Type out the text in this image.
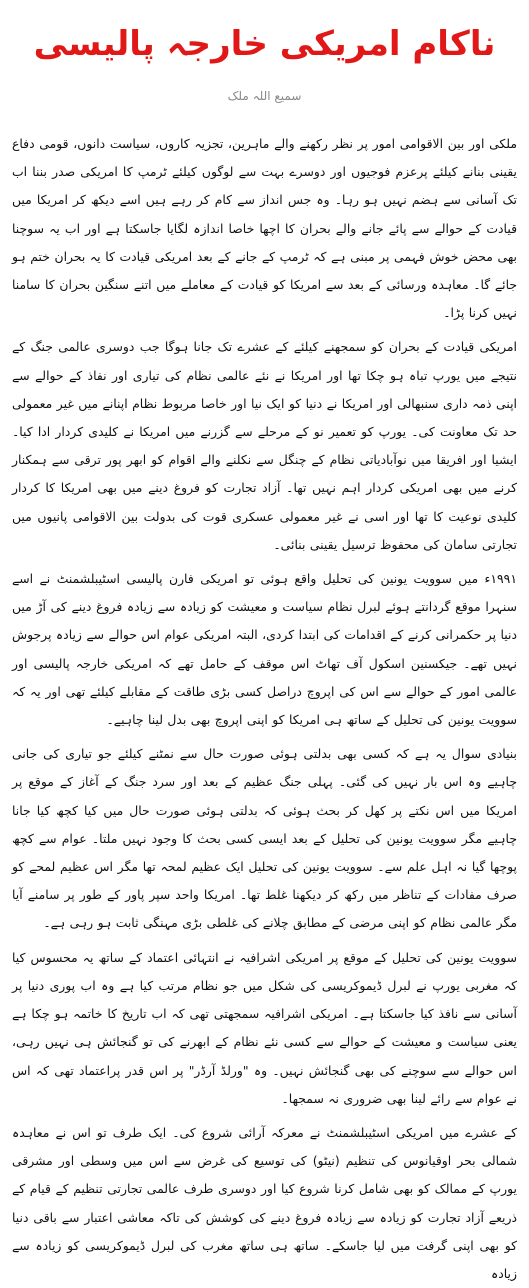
ناکام امریکی خارجہ پالیسی
سمیع اللہ ملک

ملکی اور بین الاقوامی امور پر نظر رکھنے والے ماہرین، تجزیہ کاروں، سیاست دانوں، قومی دفاع یقینی بنانے کیلئے پرعزم فوجیوں اور دوسرے بہت سے لوگوں کیلئے ٹرمپ کا امریکی صدر بننا اب تک آسانی سے ہضم نہیں ہو رہا۔ وہ جس انداز سے کام کر رہے ہیں اسے دیکھ کر امریکا میں قیادت کے حوالے سے پائے جانے والے بحران کا اچھا خاصا اندازہ لگایا جاسکتا ہے اور اب یہ سوچنا بھی محض خوش فہمی پر مبنی ہے کہ ٹرمپ کے جانے کے بعد امریکی قیادت کا یہ بحران ختم ہو جائے گا۔ معاہدہ ورسائی کے بعد سے امریکا کو قیادت کے معاملے میں اتنے سنگین بحران کا سامنا نہیں کرنا پڑا۔

امریکی قیادت کے بحران کو سمجھنے کیلئے کے عشرے تک جانا ہوگا جب دوسری عالمی جنگ کے نتیجے میں یورپ تباہ ہو چکا تھا اور امریکا نے نئے عالمی نظام کی تیاری اور نفاذ کے حوالے سے اپنی ذمہ داری سنبھالی اور امریکا نے دنیا کو ایک نیا اور خاصا مربوط نظام اپنانے میں غیر معمولی حد تک معاونت کی۔ یورپ کو تعمیر نو کے مرحلے سے گزرنے میں امریکا نے کلیدی کردار ادا کیا۔ ایشیا اور افریقا میں نوآبادیاتی نظام کے چنگل سے نکلنے والے اقوام کو ابھر پور ترقی سے ہمکنار کرنے میں بھی امریکی کردار اہم نہیں تھا۔ آزاد تجارت کو فروغ دینے میں بھی امریکا کا کردار کلیدی نوعیت کا تھا اور اسی نے غیر معمولی عسکری قوت کی بدولت بین الاقوامی پانیوں میں تجارتی سامان کی محفوظ ترسیل یقینی بنائی۔

١٩٩١ء میں سوویت یونین کی تحلیل واقع ہوئی تو امریکی فارن پالیسی اسٹیبلشمنٹ نے اسے سنہرا موقع گردانتے ہوئے لبرل نظام سیاست و معیشت کو زیادہ سے زیادہ فروغ دینے کی آڑ میں دنیا پر حکمرانی کرنے کے اقدامات کی ابتدا کردی، البتہ امریکی عوام اس حوالے سے زیادہ پرجوش نہیں تھے۔ جیکسنین اسکول آف تھاٹ اس موقف کے حامل تھے کہ امریکی خارجہ پالیسی اور عالمی امور کے حوالے سے اس کی اپروچ دراصل کسی بڑی طاقت کے مقابلے کیلئے تھی اور یہ کہ سوویت یونین کی تحلیل کے ساتھ ہی امریکا کو اپنی اپروچ بھی بدل لینا چاہیے۔

بنیادی سوال یہ ہے کہ کسی بھی بدلتی ہوئی صورت حال سے نمٹنے کیلئے جو تیاری کی جانی چاہیے وہ اس بار نہیں کی گئی۔ پہلی جنگ عظیم کے بعد اور سرد جنگ کے آغاز کے موقع پر امریکا میں اس نکتے پر کھل کر بحث ہوئی کہ بدلتی ہوئی صورت حال میں کیا کچھ کیا جانا چاہیے مگر سوویت یونین کی تحلیل کے بعد ایسی کسی بحث کا وجود نہیں ملتا۔ عوام سے کچھ پوچھا گیا نہ اہل علم سے۔ سوویت یونین کی تحلیل ایک عظیم لمحہ تھا مگر اس عظیم لمحے کو صرف مفادات کے تناظر میں رکھ کر دیکھنا غلط تھا۔ امریکا واحد سپر پاور کے طور پر سامنے آیا مگر عالمی نظام کو اپنی مرضی کے مطابق چلانے کی غلطی بڑی مہنگی ثابت ہو رہی ہے۔

سوویت یونین کی تحلیل کے موقع پر امریکی اشرافیہ نے انتہائی اعتماد کے ساتھ یہ محسوس کیا کہ مغربی یورپ نے لبرل ڈیموکریسی کی شکل میں جو نظام مرتب کیا ہے وہ اب پوری دنیا پر آسانی سے نافذ کیا جاسکتا ہے۔ امریکی اشرافیہ سمجھتی تھی کہ اب تاریخ کا خاتمہ ہو چکا ہے یعنی سیاست و معیشت کے حوالے سے کسی نئے نظام کے ابھرنے کی تو گنجائش ہی نہیں رہی، اس حوالے سے سوچنے کی بھی گنجائش نہیں۔ وہ "ورلڈ آرڈر" پر اس قدر پراعتماد تھی کہ اس نے عوام سے رائے لینا بھی ضروری نہ سمجھا۔

کے عشرے میں امریکی اسٹیبلشمنٹ نے معرکہ آرائی شروع کی۔ ایک طرف تو اس نے معاہدہ شمالی بحر اوقیانوس کی تنظیم (نیٹو) کی توسیع کی غرض سے اس میں وسطی اور مشرقی یورپ کے ممالک کو بھی شامل کرنا شروع کیا اور دوسری طرف عالمی تجارتی تنظیم کے قیام کے ذریعے آزاد تجارت کو زیادہ سے زیادہ فروغ دینے کی کوشش کی تاکہ معاشی اعتبار سے باقی دنیا کو بھی اپنی گرفت میں لیا جاسکے۔ ساتھ ہی ساتھ مغرب کی لبرل ڈیموکریسی کو زیادہ سے زیادہ
